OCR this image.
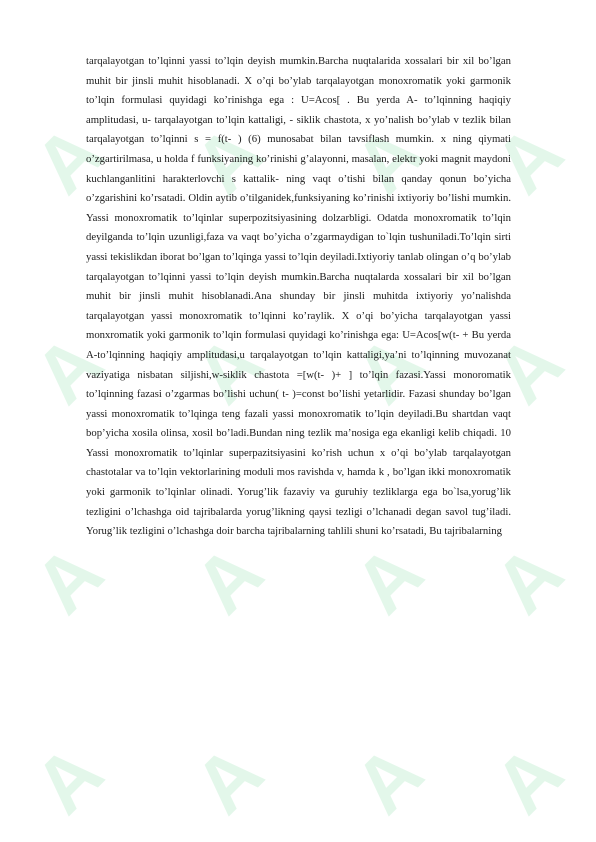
A A A A
A A A A
A A A A
A A A A

tarqalayotgan to’lqinni yassi to’lqin deyish mumkin.Barcha nuqtalarida xossalari bir xil bo’lgan muhit bir jinsli muhit hisoblanadi. X o’qi bo’ylab tarqalayotgan monoxromatik yoki garmonik to’lqin formulasi quyidagi ko’rinishga ega : U=Acos[ . Bu yerda A- to’lqinning haqiqiy amplitudasi, u- tarqalayotgan to’lqin kattaligi, - siklik chastota, x yo’nalish bo’ylab v tezlik bilan tarqalayotgan to’lqinni s = f(t- ) (6) munosabat bilan tavsiflash mumkin. x ning qiymati o’zgartirilmasa, u holda f funksiyaning ko’rinishi g’alayonni, masalan, elektr yoki magnit maydoni kuchlanganlitini harakterlovchi s kattalik- ning vaqt o’tishi bilan qanday qonun bo’yicha o’zgarishini ko’rsatadi. Oldin aytib o’tilganidek,funksiyaning ko’rinishi ixtiyoriy bo’lishi mumkin. Yassi monoxromatik to’lqinlar superpozitsiyasining dolzarbligi. Odatda monoxromatik to’lqin deyilganda to’lqin uzunligi,faza va vaqt bo’yicha o’zgarmaydigan to`lqin tushuniladi.To’lqin sirti yassi tekislikdan iborat bo’lgan to’lqinga yassi to’lqin deyiladi.Ixtiyoriy tanlab olingan o’q bo’ylab tarqalayotgan to’lqinni yassi to’lqin deyish mumkin.Barcha nuqtalarda xossalari bir xil bo’lgan muhit bir jinsli muhit hisoblanadi.Ana shunday bir jinsli muhitda ixtiyoriy yo’nalishda tarqalayotgan yassi monoxromatik to’lqinni ko’raylik. X o’qi bo’yicha tarqalayotgan yassi monxromatik yoki garmonik to’lqin formulasi quyidagi ko’rinishga ega: U=Acos[w(t- + Bu yerda A-to’lqinning haqiqiy amplitudasi,u tarqalayotgan to’lqin kattaligi,ya’ni to’lqinning muvozanat vaziyatiga nisbatan siljishi,w-siklik chastota =[w(t- )+ ] to’lqin fazasi.Yassi monoromatik to’lqinning fazasi o’zgarmas bo’lishi uchun( t- )=const bo’lishi yetarlidir. Fazasi shunday bo’lgan yassi monoxromatik to’lqinga teng fazali yassi monoxromatik to’lqin deyiladi.Bu shartdan vaqt bop’yicha xosila olinsa, xosil bo’ladi.Bundan ning tezlik ma’nosiga ega ekanligi kelib chiqadi. 10 Yassi monoxromatik to’lqinlar superpazitsiyasini ko’rish uchun x o’qi bo’ylab tarqalayotgan chastotalar va to’lqin vektorlarining moduli mos ravishda v, hamda k , bo’lgan ikki monoxromatik yoki garmonik to’lqinlar olinadi. Yorug’lik fazaviy va guruhiy tezliklarga ega bo`lsa,yorug’lik tezligini o’lchashga oid tajribalarda yorug’likning qaysi tezligi o’lchanadi degan savol tug’iladi. Yorug’lik tezligini o’lchashga doir barcha tajribalarning tahlili shuni ko’rsatadi, Bu tajribalarning
